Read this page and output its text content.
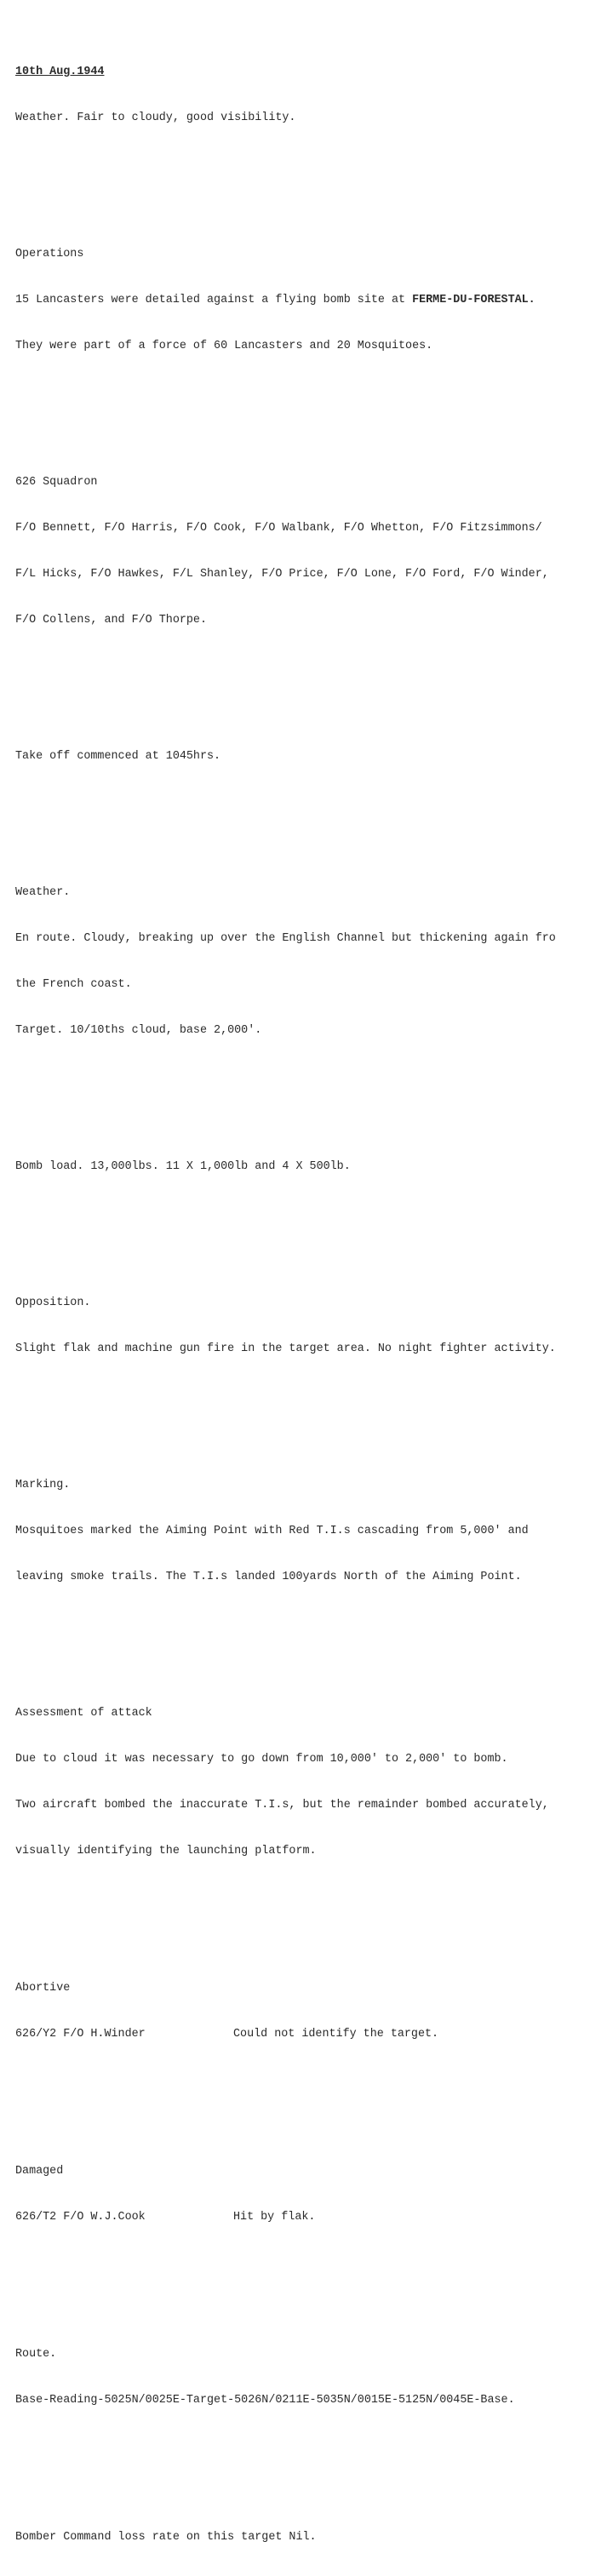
10th Aug.1944

Weather. Fair to cloudy, good visibility.

Operations

15 Lancasters were detailed against a flying bomb site at FERME-DU-FORESTAL.

They were part of a force of 60 Lancasters and 20 Mosquitoes.

626 Squadron

F/O Bennett, F/O Harris, F/O Cook, F/O Walbank, F/O Whetton, F/O Fitzsimmons/

F/L Hicks, F/O Hawkes, F/L Shanley, F/O Price, F/O Lone, F/O Ford, F/O Winder,

F/O Collens, and F/O Thorpe.

Take off commenced at 1045hrs.

Weather.

En route. Cloudy, breaking up over the English Channel but thickening again fro

the French coast.

Target. 10/10ths cloud, base 2,000'.

Bomb load. 13,000lbs. 11 X 1,000lb and 4 X 500lb.

Opposition.

Slight flak and machine gun fire in the target area. No night fighter activity.

Marking.

Mosquitoes marked the Aiming Point with Red T.I.s cascading from 5,000' and

leaving smoke trails. The T.I.s landed 100yards North of the Aiming Point.

Assessment of attack

Due to cloud it was necessary to go down from 10,000' to 2,000' to bomb.

Two aircraft bombed the inaccurate T.I.s, but the remainder bombed accurately,

visually identifying the launching platform.

Abortive

626/Y2 F/O H.Winder	Could not identify the target.

Damaged

626/T2 F/O W.J.Cook	Hit by flak.

Route.

Base-Reading-5025N/0025E-Target-5026N/0211E-5035N/0015E-5125N/0045E-Base.

Bomber Command loss rate on this target Nil.
